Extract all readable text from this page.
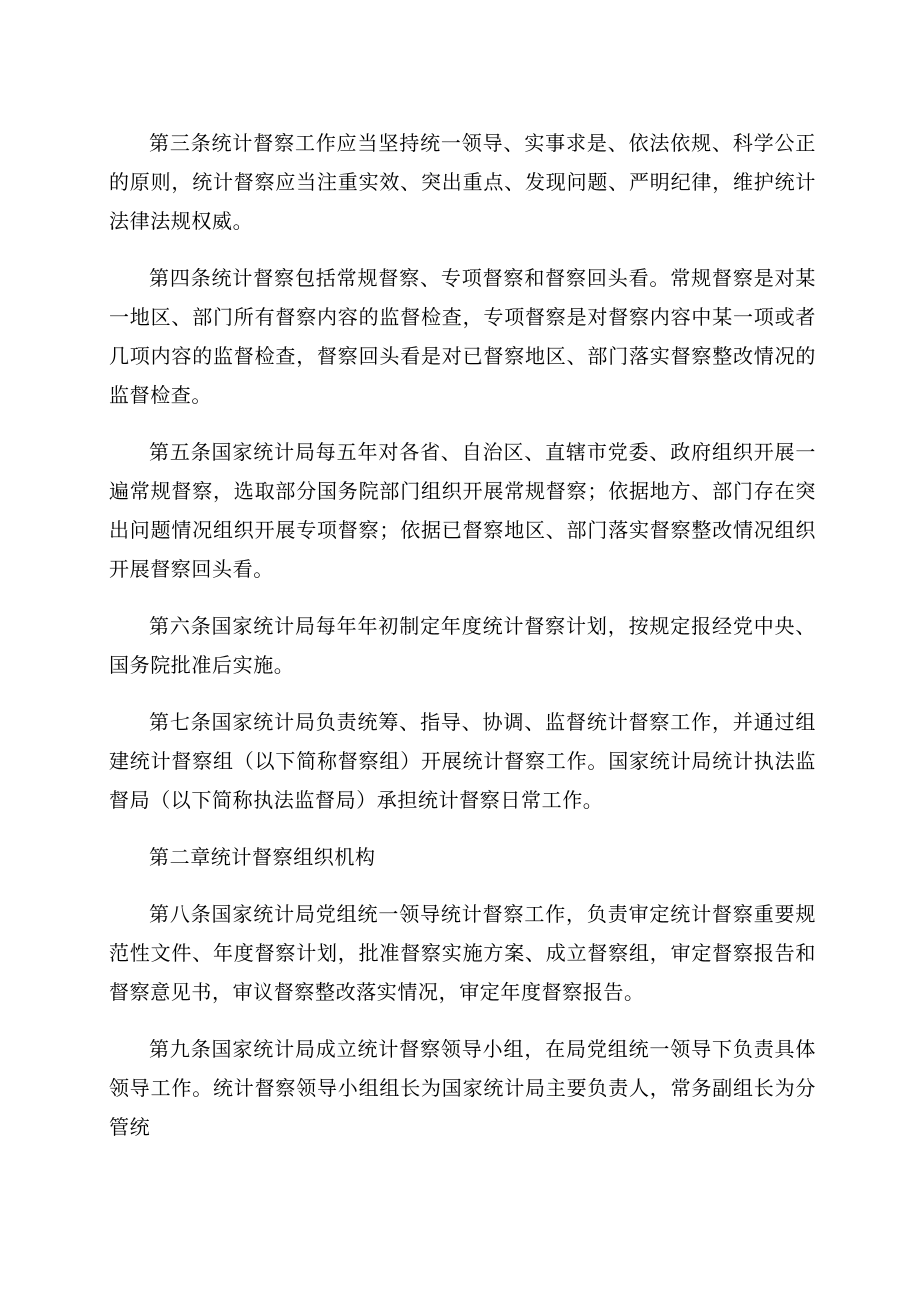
第三条统计督察工作应当坚持统一领导、实事求是、依法依规、科学公正的原则，统计督察应当注重实效、突出重点、发现问题、严明纪律，维护统计法律法规权威。

第四条统计督察包括常规督察、专项督察和督察回头看。常规督察是对某一地区、部门所有督察内容的监督检查，专项督察是对督察内容中某一项或者几项内容的监督检查，督察回头看是对已督察地区、部门落实督察整改情况的监督检查。

第五条国家统计局每五年对各省、自治区、直辖市党委、政府组织开展一遍常规督察，选取部分国务院部门组织开展常规督察；依据地方、部门存在突出问题情况组织开展专项督察；依据已督察地区、部门落实督察整改情况组织开展督察回头看。

第六条国家统计局每年年初制定年度统计督察计划，按规定报经党中央、国务院批准后实施。

第七条国家统计局负责统筹、指导、协调、监督统计督察工作，并通过组建统计督察组（以下简称督察组）开展统计督察工作。国家统计局统计执法监督局（以下简称执法监督局）承担统计督察日常工作。

第二章统计督察组织机构

第八条国家统计局党组统一领导统计督察工作，负责审定统计督察重要规范性文件、年度督察计划，批准督察实施方案、成立督察组，审定督察报告和督察意见书，审议督察整改落实情况，审定年度督察报告。

第九条国家统计局成立统计督察领导小组，在局党组统一领导下负责具体领导工作。统计督察领导小组组长为国家统计局主要负责人，常务副组长为分管统
